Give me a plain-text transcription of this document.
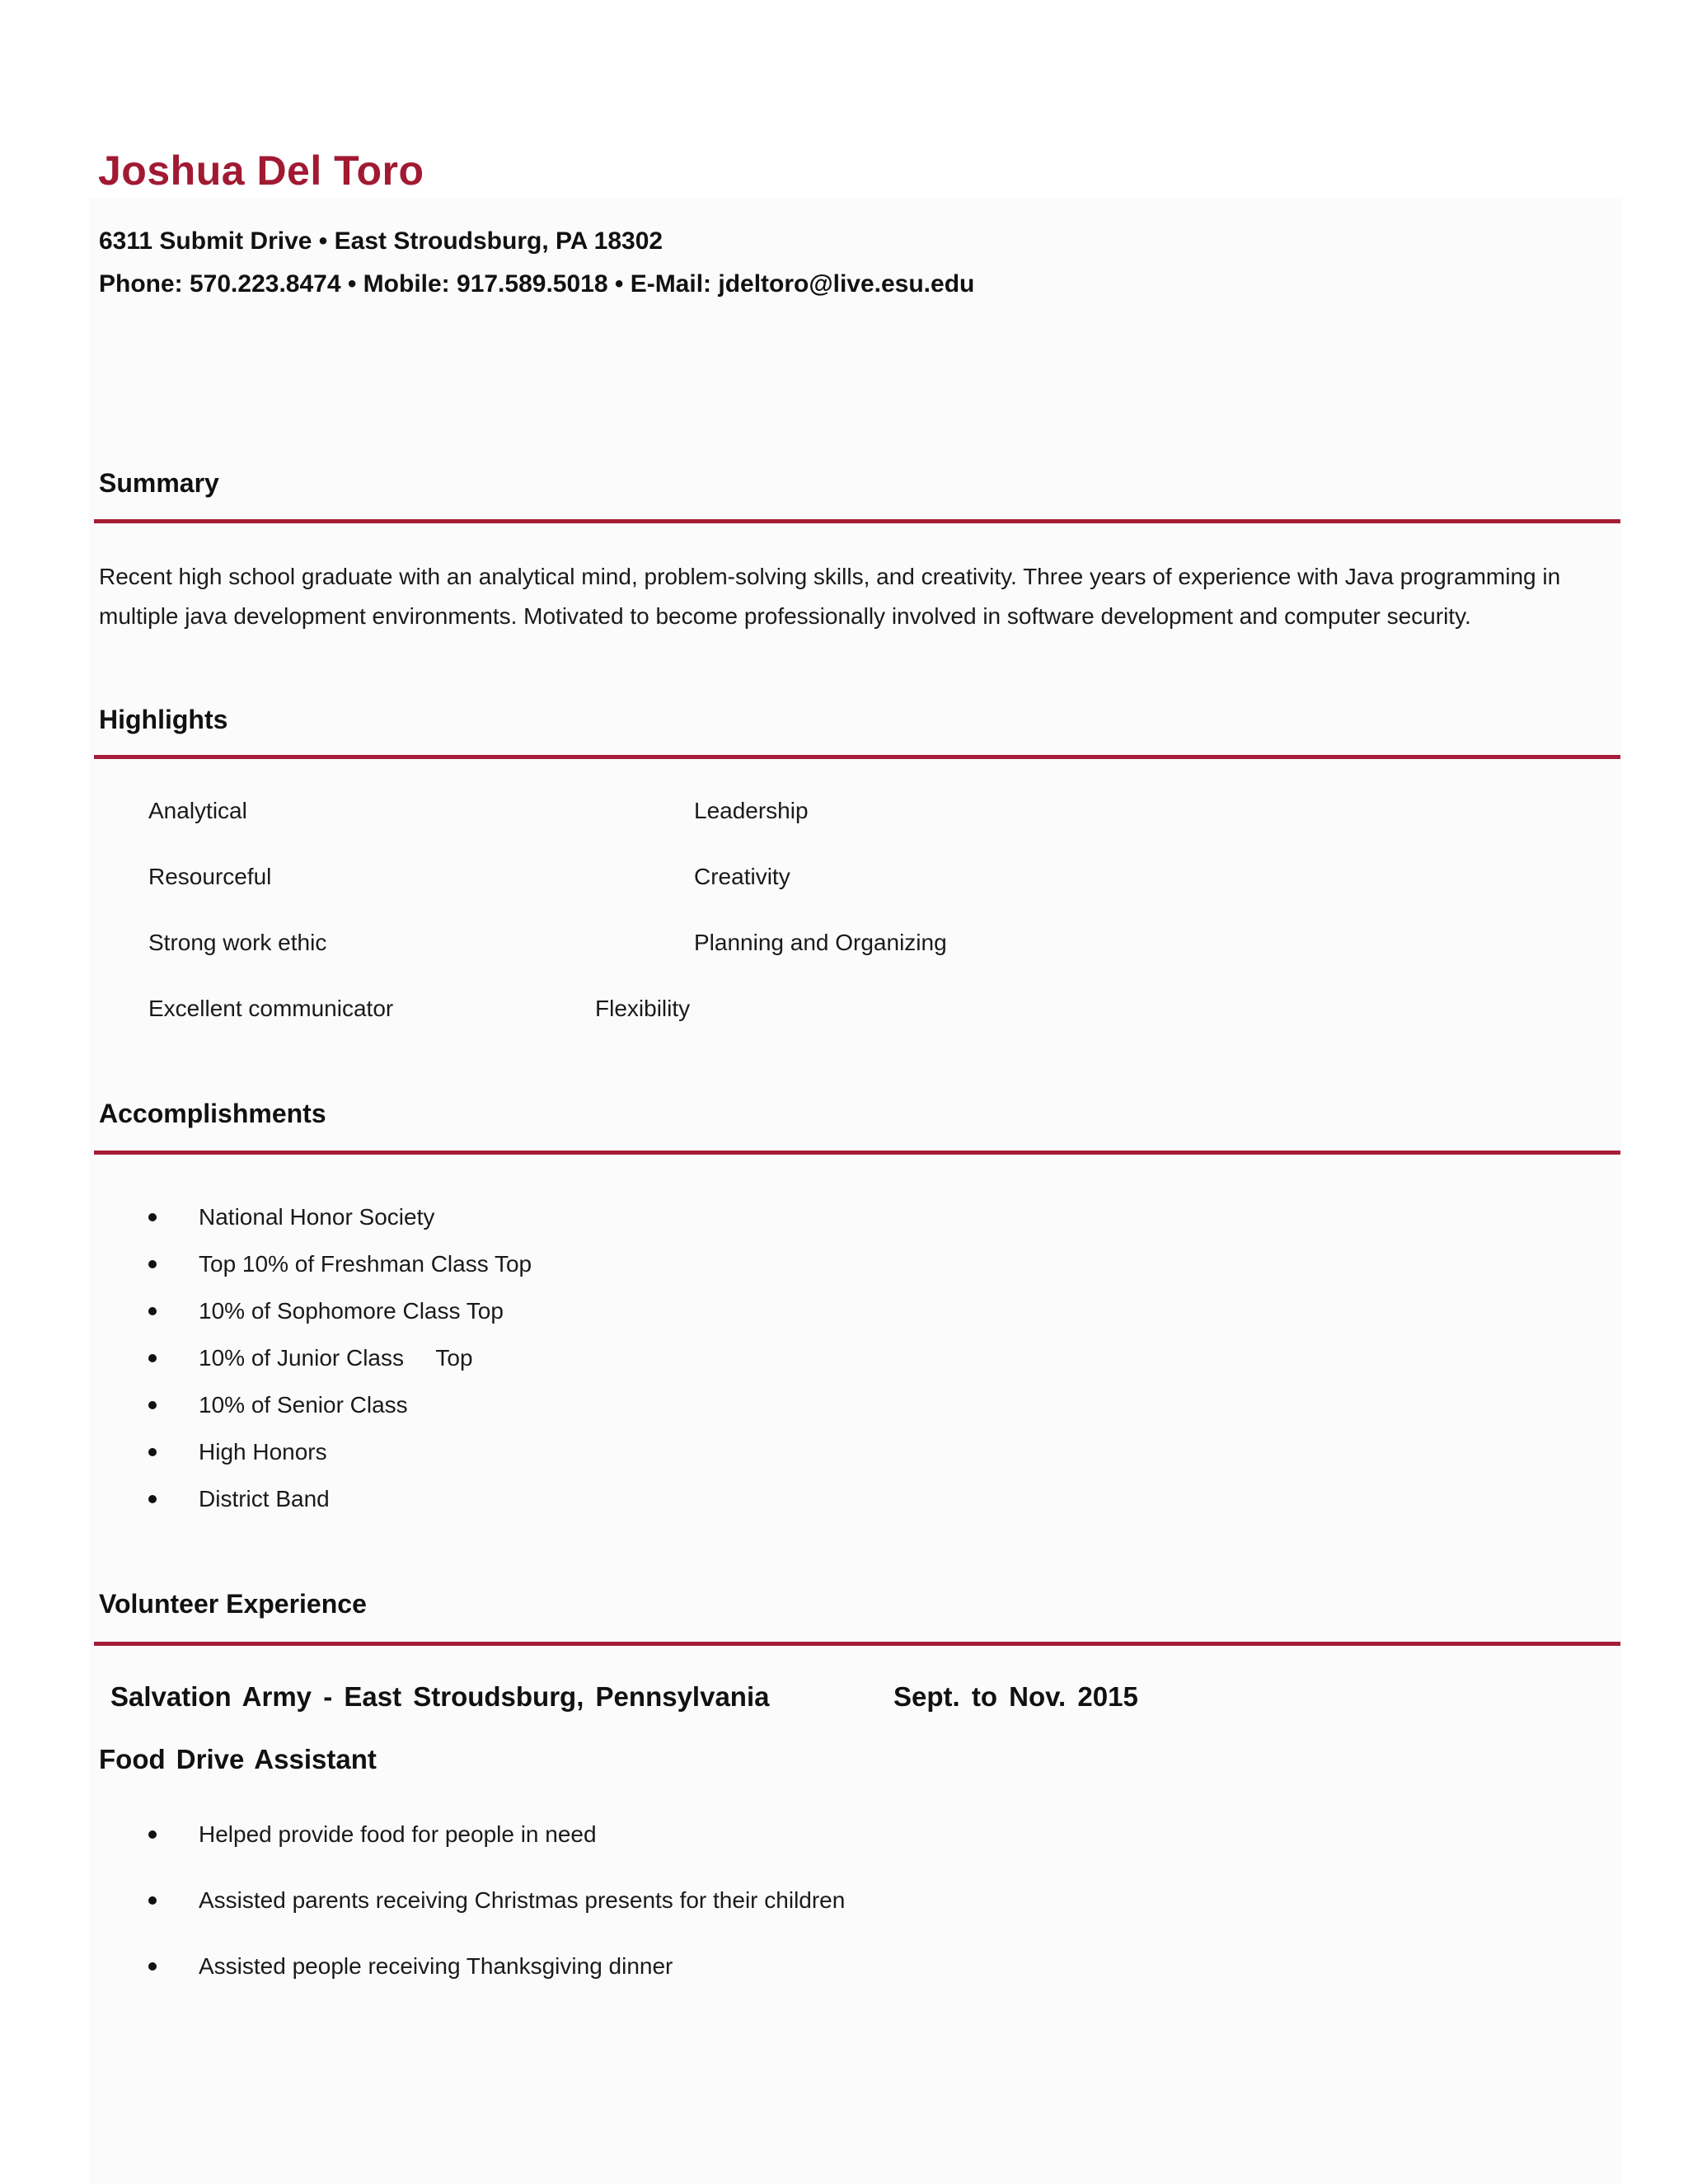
Joshua Del Toro
6311 Submit Drive • East Stroudsburg, PA 18302
Phone: 570.223.8474 • Mobile: 917.589.5018 • E-Mail: jdeltoro@live.esu.edu
Summary
Recent high school graduate with an analytical mind, problem-solving skills, and creativity. Three years of experience with Java programming in multiple java development environments. Motivated to become professionally involved in software development and computer security.
Highlights
Analytical	Leadership
Resourceful	Creativity
Strong work ethic	Planning and Organizing
Excellent communicator	Flexibility
Accomplishments
National Honor Society
Top 10% of Freshman Class Top
10% of Sophomore Class Top
10% of Junior Class     Top
10% of Senior Class
High Honors
District Band
Volunteer Experience
Salvation Army - East Stroudsburg, Pennsylvania	Sept. to Nov. 2015
Food Drive Assistant
Helped provide food for people in need
Assisted parents receiving Christmas presents for their children
Assisted people receiving Thanksgiving dinner
